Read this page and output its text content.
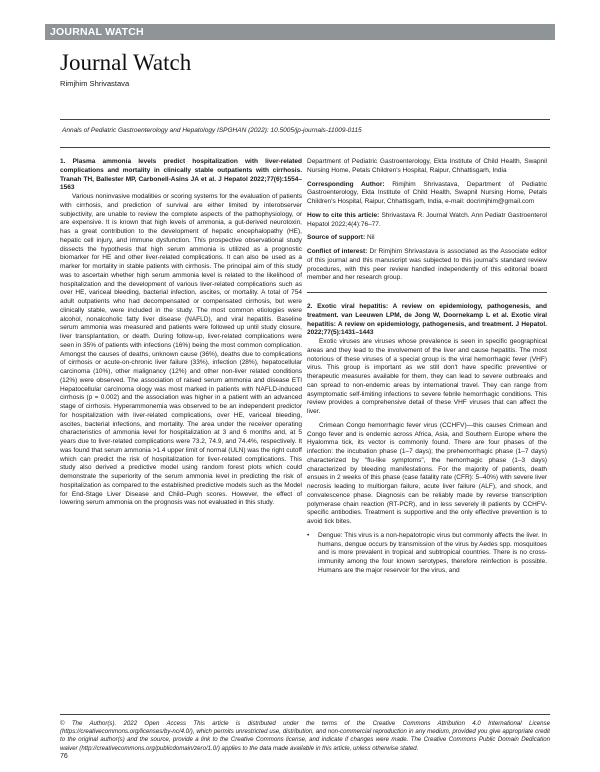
JOURNAL WATCH
Journal Watch
Rimjhim Shrivastava
Annals of Pediatric Gastroenterology and Hepatology ISPGHAN (2022): 10.5005/jp-journals-11009-0115

1. Plasma ammonia levels predict hospitalization with liver-related complications and mortality in clinically stable outpatients with cirrhosis. Tranah TH, Ballester MP, Carbonell-Asins JA et al. J Hepatol 2022;77(6):1554–1563

Various noninvasive modalities or scoring systems for the evaluation of patients with cirrhosis, and prediction of survival are either limited by interobserver subjectivity, are unable to review the complete aspects of the pathophysiology, or are expensive. It is known that high levels of ammonia, a gut-derived neurotoxin, has a great contribution to the development of hepatic encephalopathy (HE), hepatic cell injury, and immune dysfunction. This prospective observational study dissects the hypothesis that high serum ammonia is utilized as a prognostic biomarker for HE and other liver-related complications. It can also be used as a marker for mortality in stable patients with cirrhosis. The principal aim of this study was to ascertain whether high serum ammonia level is related to the likelihood of hospitalization and the development of various liver-related complications such as over HE, variceal bleeding, bacterial infection, ascites, or mortality. A total of 754 adult outpatients who had decompensated or compensated cirrhosis, but were clinically stable, were included in the study. The most common etiologies were alcohol, nonalcoholic fatty liver disease (NAFLD), and viral hepatitis. Baseline serum ammonia was measured and patients were followed up until study closure, liver transplantation, or death. During follow-up, liver-related complications were seen in 35% of patients with infections (16%) being the most common complication. Amongst the causes of deaths, unknown cause (36%), deaths due to complications of cirrhosis or acute-on-chronic liver failure (33%), infection (28%), hepatocellular carcinoma (10%), other malignancy (12%) and other non-liver related conditions (12%) were observed. The association of raised serum ammonia and disease ETI Hepatocellular carcinoma ology was most marked in patients with NAFLD-induced cirrhosis (p = 0.002) and the association was higher in a patient with an advanced stage of cirrhosis. Hyperammonemia was observed to be an independent predictor for hospitalization with liver-related complications, over HE, variceal bleeding, ascites, bacterial infections, and mortality. The area under the receiver operating characteristics of ammonia level for hospitalization at 3 and 6 months and, at 5 years due to liver-related complications were 73.2, 74.9, and 74.4%, respectively. It was found that serum ammonia >1.4 upper limit of normal (ULN) was the right cutoff which can predict the risk of hospitalization for liver-related complications. This study also derived a predictive model using random forest plots which could demonstrate the superiority of the serum ammonia level in predicting the risk of hospitalization as compared to the established predictive models such as the Model for End-Stage Liver Disease and Child–Pugh scores. However, the effect of lowering serum ammonia on the prognosis was not evaluated in this study.

Department of Pediatric Gastroenterology, Ekta Institute of Child Health, Swapnil Nursing Home, Petals Children's Hospital, Raipur, Chhattisgarh, India

Corresponding Author: Rimjhim Shrivastava, Department of Pediatric Gastroenterology, Ekta Institute of Child Health, Swapnil Nursing Home, Petals Children's Hospital, Raipur, Chhattisgarh, India, e-mail: docrimjhim@gmail.com

How to cite this article: Shrivastava R. Journal Watch. Ann Pediatr Gastroenterol Hepatol 2022;4(4):76–77.

Source of support: Nil

Conflict of interest: Dr Rimjhim Shrivastava is associated as the Associate editor of this journal and this manuscript was subjected to this journal's standard review procedures, with this peer review handled independently of this editorial board member and her research group.

2. Exotic viral hepatitis: A review on epidemiology, pathogenesis, and treatment. van Leeuwen LPM, de Jong W, Doornekamp L et al. Exotic viral hepatitis: A review on epidemiology, pathogenesis, and treatment. J Hepatol. 2022;77(5):1431–1443

Exotic viruses are viruses whose prevalence is seen in specific geographical areas and they lead to the involvement of the liver and cause hepatitis. The most notorious of these viruses of a special group is the viral hemorrhagic fever (VHF) virus. This group is important as we still don't have specific preventive or therapeutic measures available for them, they can lead to severe outbreaks and can spread to non-endemic areas by international travel. They can range from asymptomatic self-limiting infections to severe febrile hemorrhagic conditions. This review provides a comprehensive detail of these VHF viruses that can affect the liver.

Crimean Congo hemorrhagic fever virus (CCHFV)—this causes Crimean and Congo fever and is endemic across Africa, Asia, and Southern Europe where the Hyalomma tick, its vector is commonly found. There are four phases of the infection: the incubation phase (1–7 days); the prehemorrhagic phase (1–7 days) characterized by "flu-like symptoms", the hemorrhagic phase (1–3 days) characterized by bleeding manifestations. For the majority of patients, death ensues in 2 weeks of this phase (case fatality rate (CFR): 5–40%) with severe liver necrosis leading to multiorgan failure, acute liver failure (ALF), and shock, and convalescence phase. Diagnosis can be reliably made by reverse transcription polymerase chain reaction (RT-PCR), and in less severely ill patients by CCHFV-specific antibodies. Treatment is supportive and the only effective prevention is to avoid tick bites.

• Dengue: This virus is a non-hepatotropic virus but commonly affects the liver. In humans, dengue occurs by transmission of the virus by Aedes spp. mosquitoes and is more prevalent in tropical and subtropical countries. There is no cross-immunity among the four known serotypes, therefore reinfection is possible. Humans are the major reservoir for the virus, and

© The Author(s). 2022 Open Access This article is distributed under the terms of the Creative Commons Attribution 4.0 International License (https://creativecommons.org/licenses/by-nc/4.0/), which permits unrestricted use, distribution, and non-commercial reproduction in any medium, provided you give appropriate credit to the original author(s) and the source, provide a link to the Creative Commons license, and indicate if changes were made. The Creative Commons Public Domain Dedication waiver (http://creativecommons.org/publicdomain/zero/1.0/) applies to the data made available in this article, unless otherwise stated.
76
